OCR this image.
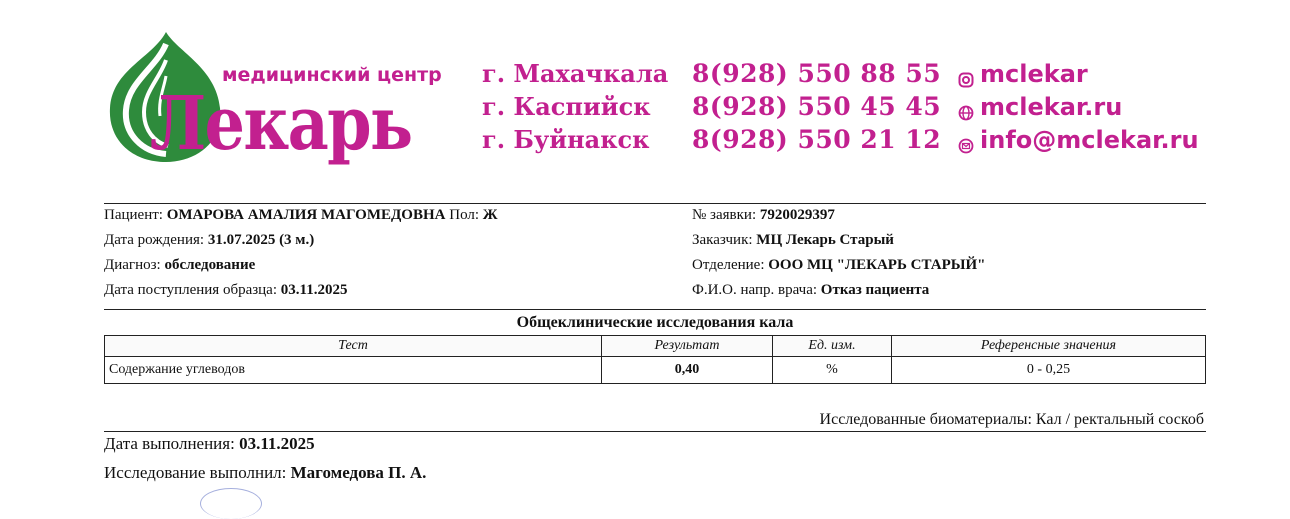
медицинский центр
Лекарь
г. Махачкала
г. Каспийск
г. Буйнакск
8(928) 550 88 55
8(928) 550 45 45
8(928) 550 21 12
mclekar
mclekar.ru
info@mclekar.ru
Пациент: ОМАРОВА АМАЛИЯ МАГОМЕДОВНА Пол: Ж
Дата рождения: 31.07.2025 (3 м.)
Диагноз: обследование
Дата поступления образца: 03.11.2025
№ заявки: 7920029397
Заказчик: МЦ Лекарь Старый
Отделение: ООО МЦ "ЛЕКАРЬ СТАРЫЙ"
Ф.И.О. напр. врача: Отказ пациента
Общеклинические исследования кала
Тест	Результат	Ед. изм.	Референсные значения
Содержание углеводов	0,40	%	0 - 0,25
Исследованные биоматериалы: Кал / ректальный соскоб
Дата выполнения: 03.11.2025
Исследование выполнил: Магомедова П. А.
